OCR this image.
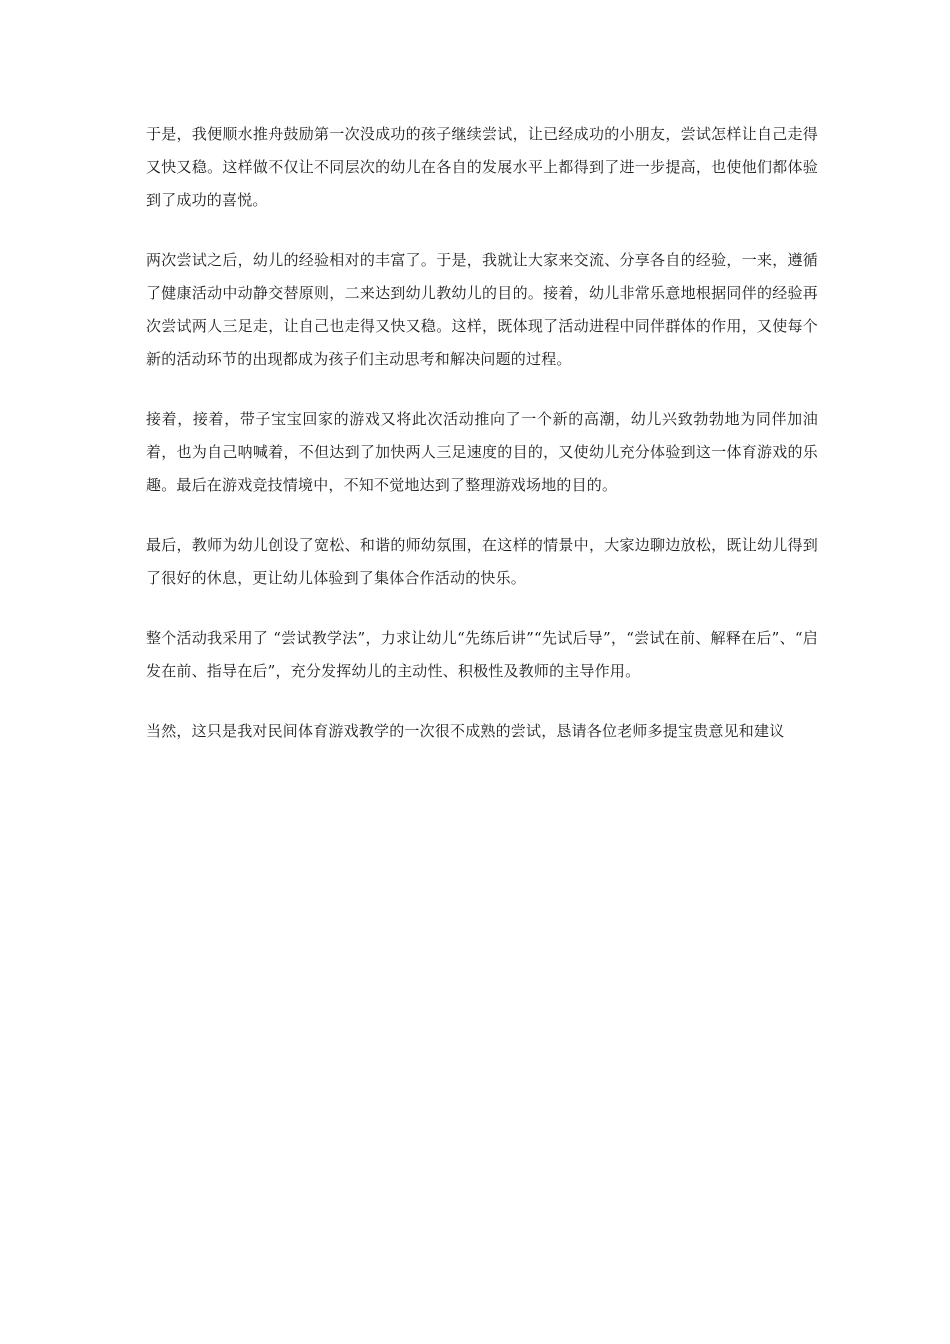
于是，我便顺水推舟鼓励第一次没成功的孩子继续尝试，让已经成功的小朋友，尝试怎样让自己走得又快又稳。这样做不仅让不同层次的幼儿在各自的发展水平上都得到了进一步提高，也使他们都体验到了成功的喜悦。

两次尝试之后，幼儿的经验相对的丰富了。于是，我就让大家来交流、分享各自的经验，一来，遵循了健康活动中动静交替原则，二来达到幼儿教幼儿的目的。接着，幼儿非常乐意地根据同伴的经验再次尝试两人三足走，让自己也走得又快又稳。这样，既体现了活动进程中同伴群体的作用，又使每个新的活动环节的出现都成为孩子们主动思考和解决问题的过程。

接着，接着，带子宝宝回家的游戏又将此次活动推向了一个新的高潮，幼儿兴致勃勃地为同伴加油着，也为自己呐喊着，不但达到了加快两人三足速度的目的，又使幼儿充分体验到这一体育游戏的乐趣。最后在游戏竞技情境中，不知不觉地达到了整理游戏场地的目的。

最后，教师为幼儿创设了宽松、和谐的师幼氛围，在这样的情景中，大家边聊边放松，既让幼儿得到了很好的休息，更让幼儿体验到了集体合作活动的快乐。

整个活动我采用了 “尝试教学法”，力求让幼儿“先练后讲”“先试后导”，“尝试在前、解释在后”、“启发在前、指导在后”，充分发挥幼儿的主动性、积极性及教师的主导作用。

当然，这只是我对民间体育游戏教学的一次很不成熟的尝试，恳请各位老师多提宝贵意见和建议
